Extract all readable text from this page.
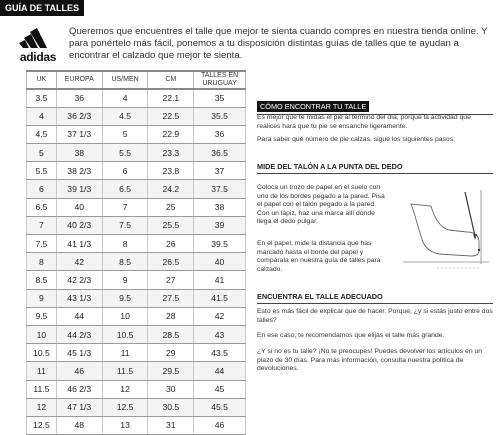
GUÍA DE TALLES
adidas
Queremos que encuentres el talle que mejor te sienta cuando compres en nuestra tienda online. Y para ponértelo más fácil, ponemos a tu disposición distintas guías de talles que te ayudan a encontrar el calzado que mejor te sienta.
UK	EUROPA	US/MEN	CM	TALLES EN URUGUAY
3.5	36	4	22.1	35
4	36 2/3	4.5	22.5	35.5
4.5	37 1/3	5	22.9	36
5	38	5.5	23.3	36.5
5.5	38 2/3	6	23.8	37
6	39 1/3	6.5	24.2	37.5
6.5	40	7	25	38
7	40 2/3	7.5	25.5	39
7.5	41 1/3	8	26	39.5
8	42	8.5	26.5	40
8.5	42 2/3	9	27	41
9	43 1/3	9.5	27.5	41.5
9.5	44	10	28	42
10	44 2/3	10.5	28.5	43
10.5	45 1/3	11	29	43.5
11	46	11.5	29.5	44
11.5	46 2/3	12	30	45
12	47 1/3	12.5	30.5	45.5
12.5	48	13	31	46
CÓMO ENCONTRAR TU TALLE
Es mejor que te midas el pie al termino del día, porque la actividad que realices hará que tu pie se ensanche ligeramente.
Para saber qué número de pie calzas, sigue los siguientes pasos:
MIDE DEL TALÓN A LA PUNTA DEL DEDO
Coloca un trozo de papel en el suelo con uno de los bordes pegado a la pared. Pisa el papel con el talón pegado a la pared. Con un lápiz, haz una marca allí donde llega el dedo pulgar.
En el papel, mide la distancia que has marcado hasta el borde del papel y compárala en nuestra guía de talles para calzado.
ENCUENTRA EL TALLE ADECUADO
Esto es más fácil de explicar que de hacer. Porque, ¿y si estás justo entre dos talles?
En ese caso, te recomendamos que elijas el talle más grande.
¿Y si no es tu talle? ¡No te preocupes! Puedes devolver los artículos en un plazo de 30 días. Para más información, consulta nuestra política de devoluciones.
